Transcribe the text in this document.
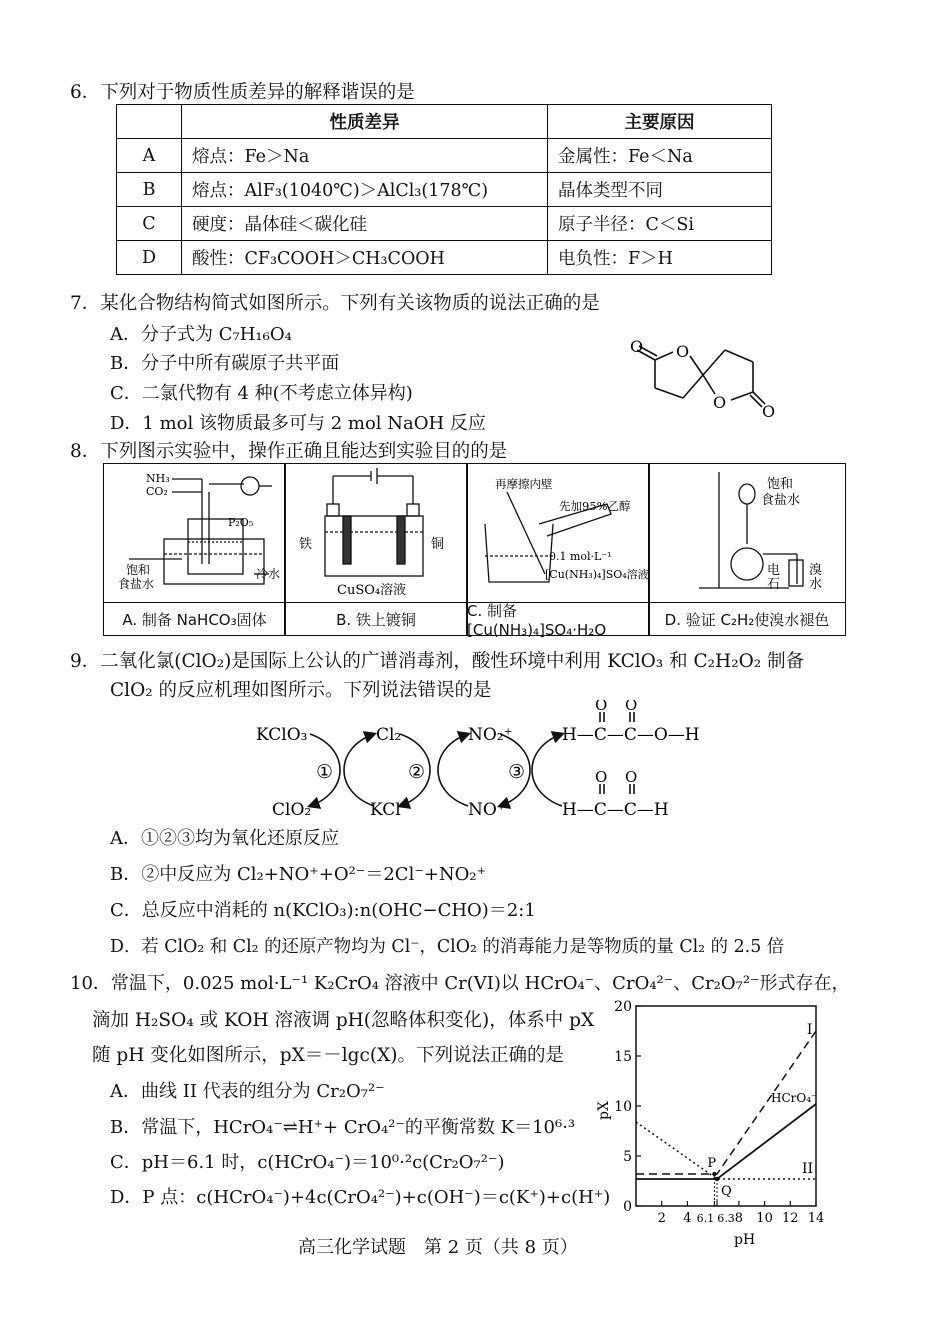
6．下列对于物质性质差异的解释谐误的是
	性质差异	主要原因
A	熔点：Fe＞Na	金属性：Fe＜Na
B	熔点：AlF₃(1040℃)＞AlCl₃(178℃)	晶体类型不同
C	硬度：晶体硅＜碳化硅	原子半径：C＜Si
D	酸性：CF₃COOH＞CH₃COOH	电负性：F＞H
7．某化合物结构简式如图所示。下列有关该物质的说法正确的是
A．分子式为 C₇H₁₆O₄
B．分子中所有碳原子共平面
C．二氯代物有 4 种(不考虑立体异构)
D．1 mol 该物质最多可与 2 mol NaOH 反应
O O
O O
8．下列图示实验中，操作正确且能达到实验目的的是
NH₃
CO₂
P₂O₅
饱和
食盐水
冷水
A. 制备 NaHCO₃固体
铁	铜
CuSO₄溶液
B. 铁上镀铜
再摩擦内壁
先加95%乙醇
0.1 mol·L⁻¹
[Cu(NH₃)₄]SO₄溶液
C. 制备[Cu(NH₃)₄]SO₄·H₂O
饱和
食盐水
电
石
溴
水
D. 验证 C₂H₂使溴水褪色
9．二氧化氯(ClO₂)是国际上公认的广谱消毒剂，酸性环境中利用 KClO₃ 和 C₂H₂O₂ 制备
ClO₂ 的反应机理如图所示。下列说法错误的是
KClO₃
ClO₂
Cl₂
KCl
NO₂⁺
NO⁺
①	②	③
O O
H—C—C—O—H
O O
H—C—C—H
A．①②③均为氧化还原反应
B．②中反应为 Cl₂+NO⁺+O²⁻＝2Cl⁻+NO₂⁺
C．总反应中消耗的 n(KClO₃):n(OHC−CHO)＝2:1
D．若 ClO₂ 和 Cl₂ 的还原产物均为 Cl⁻，ClO₂ 的消毒能力是等物质的量 Cl₂ 的 2.5 倍
10．常温下，0.025 mol·L⁻¹ K₂CrO₄ 溶液中 Cr(VI)以 HCrO₄⁻、CrO₄²⁻、Cr₂O₇²⁻形式存在，
滴加 H₂SO₄ 或 KOH 溶液调 pH(忽略体积变化)，体系中 pX
随 pH 变化如图所示，pX＝－lgc(X)。下列说法正确的是
A．曲线 II 代表的组分为 Cr₂O₇²⁻
B．常温下，HCrO₄⁻⇌H⁺+ CrO₄²⁻的平衡常数 K＝10⁶·³
C．pH＝6.1 时，c(HCrO₄⁻)＝10⁰·²c(Cr₂O₇²⁻)
D．P 点：c(HCrO₄⁻)+4c(CrO₄²⁻)+c(OH⁻)＝c(K⁺)+c(H⁺)
2 4 6.1 6.3 8 10 12 14
0
5
10
15
20
I
HCrO₄⁻
II
P
Q
pX
pH
高三化学试题　第 2 页（共 8 页）
